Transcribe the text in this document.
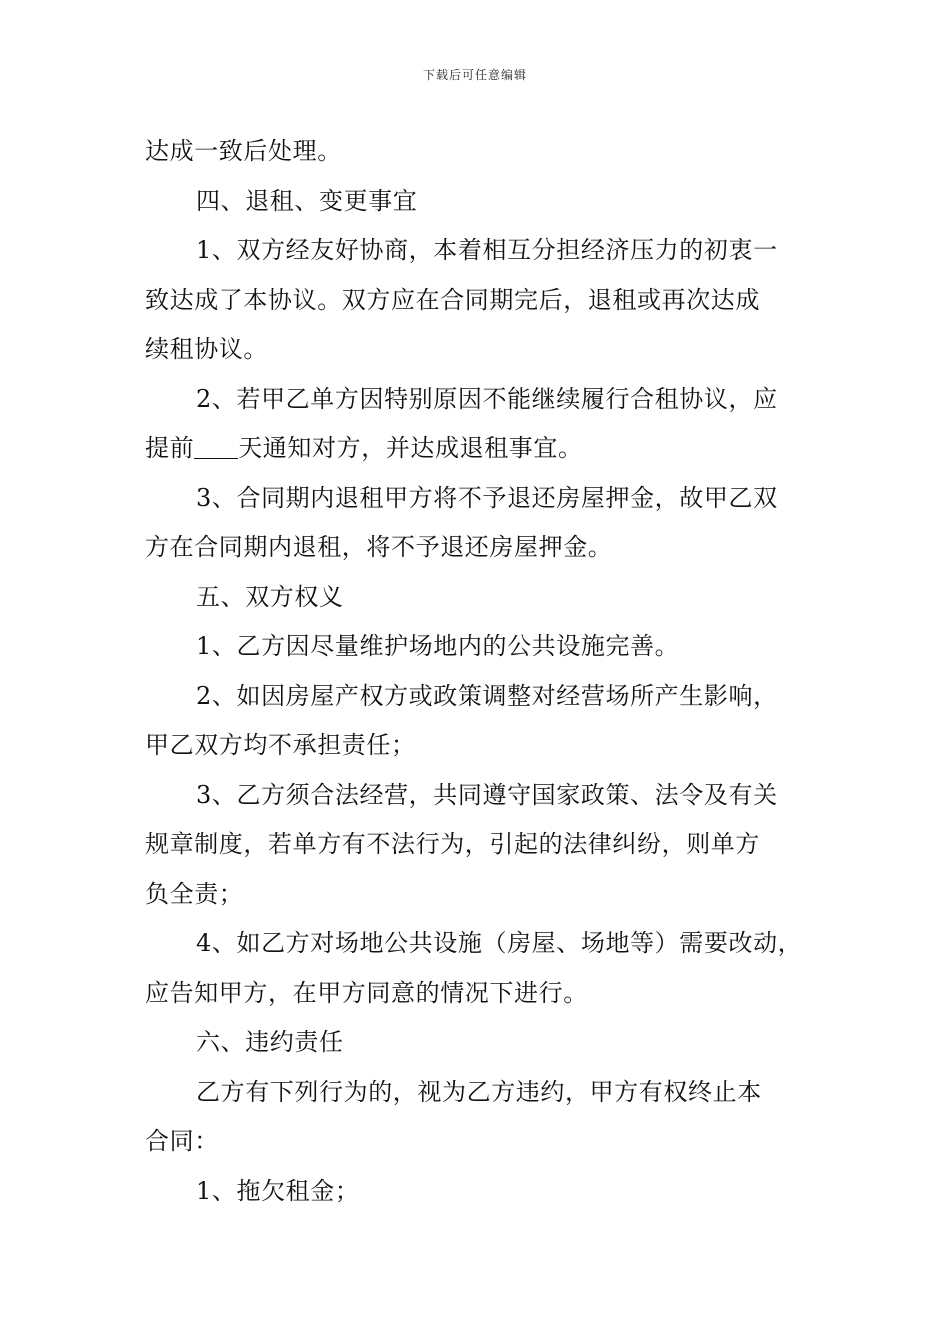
下载后可任意编辑
达成一致后处理。
四、退租、变更事宜
1、双方经友好协商，本着相互分担经济压力的初衷一
致达成了本协议。双方应在合同期完后，退租或再次达成
续租协议。
2、若甲乙单方因特别原因不能继续履行合租协议，应
提前 天通知对方，并达成退租事宜。
3、合同期内退租甲方将不予退还房屋押金，故甲乙双
方在合同期内退租，将不予退还房屋押金。
五、双方权义
1、乙方因尽量维护场地内的公共设施完善。
2、如因房屋产权方或政策调整对经营场所产生影响，
甲乙双方均不承担责任；
3、乙方须合法经营，共同遵守国家政策、法令及有关
规章制度，若单方有不法行为，引起的法律纠纷，则单方
负全责；
4、如乙方对场地公共设施（房屋、场地等）需要改动，
应告知甲方，在甲方同意的情况下进行。
六、违约责任
乙方有下列行为的，视为乙方违约，甲方有权终止本
合同：
1、拖欠租金；
